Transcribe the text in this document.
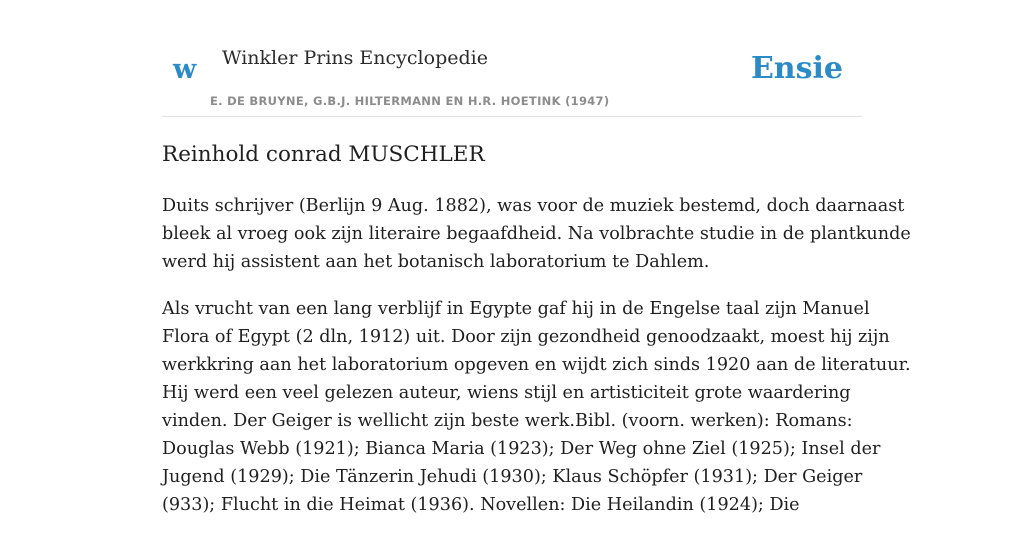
w Winkler Prins Encyclopedie
E. DE BRUYNE, G.B.J. HILTERMANN EN H.R. HOETINK (1947)
Ensie
Reinhold conrad MUSCHLER

Duits schrijver (Berlijn 9 Aug. 1882), was voor de muziek bestemd, doch daarnaast
bleek al vroeg ook zijn literaire begaafdheid. Na volbrachte studie in de plantkunde
werd hij assistent aan het botanisch laboratorium te Dahlem.

Als vrucht van een lang verblijf in Egypte gaf hij in de Engelse taal zijn Manuel
Flora of Egypt (2 dln, 1912) uit. Door zijn gezondheid genoodzaakt, moest hij zijn
werkkring aan het laboratorium opgeven en wijdt zich sinds 1920 aan de literatuur.
Hij werd een veel gelezen auteur, wiens stijl en artisticiteit grote waardering
vinden. Der Geiger is wellicht zijn beste werk.Bibl. (voorn. werken): Romans:
Douglas Webb (1921); Bianca Maria (1923); Der Weg ohne Ziel (1925); Insel der
Jugend (1929); Die Tänzerin Jehudi (1930); Klaus Schöpfer (1931); Der Geiger
(933); Flucht in die Heimat (1936). Novellen: Die Heilandin (1924); Die
